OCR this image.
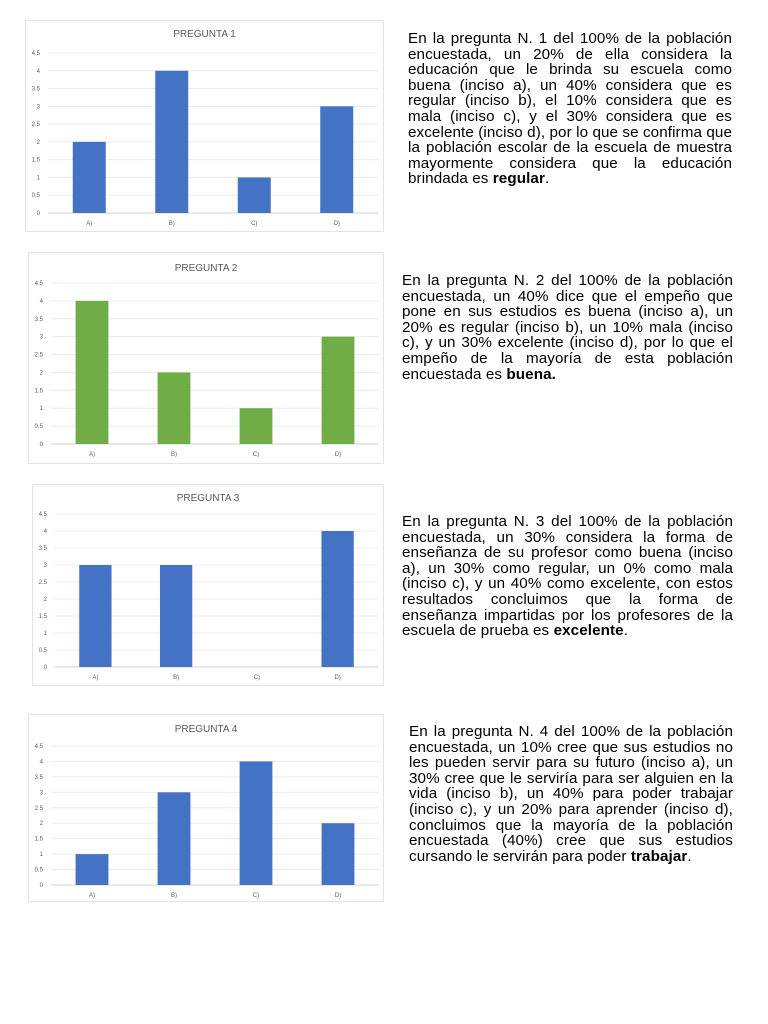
PREGUNTA 1
0
0.5
1
1.5
2
2.5
3
3.5
4
4.5
A)	B)	C)	D)

En la pregunta N. 1 del 100% de la población encuestada, un 20% de ella considera la educación que le brinda su escuela como buena (inciso a), un 40% considera que es regular (inciso b), el 10% considera que es mala (inciso c), y el 30% considera que es excelente (inciso d), por lo que se confirma que la población escolar de la escuela de muestra mayormente considera que la educación brindada es regular.

PREGUNTA 2
0
0.5
1
1.5
2
2.5
3
3.5
4
4.5
A)	B)	C)	D)

En la pregunta N. 2 del 100% de la población encuestada, un 40% dice que el empeño que pone en sus estudios es buena (inciso a), un 20% es regular (inciso b), un 10% mala (inciso c), y un 30% excelente (inciso d), por lo que el empeño de la mayoría de esta población encuestada es buena.

PREGUNTA 3
0
0.5
1
1.5
2
2.5
3
3.5
4
4.5
A)	B)	C)	D)

En la pregunta N. 3 del 100% de la población encuestada, un 30% considera la forma de enseñanza de su profesor como buena (inciso a), un 30% como regular, un 0% como mala (inciso c), y un 40% como excelente, con estos resultados concluimos que la forma de enseñanza impartidas por los profesores de la escuela de prueba es excelente.

PREGUNTA 4
0
0.5
1
1.5
2
2.5
3
3.5
4
4.5
A)	B)	C)	D)

En la pregunta N. 4 del 100% de la población encuestada, un 10% cree que sus estudios no les pueden servir para su futuro (inciso a), un 30% cree que le serviría para ser alguien en la vida (inciso b), un 40% para poder trabajar (inciso c), y un 20% para aprender (inciso d), concluimos que la mayoría de la población encuestada (40%) cree que sus estudios cursando le servirán para poder trabajar.
